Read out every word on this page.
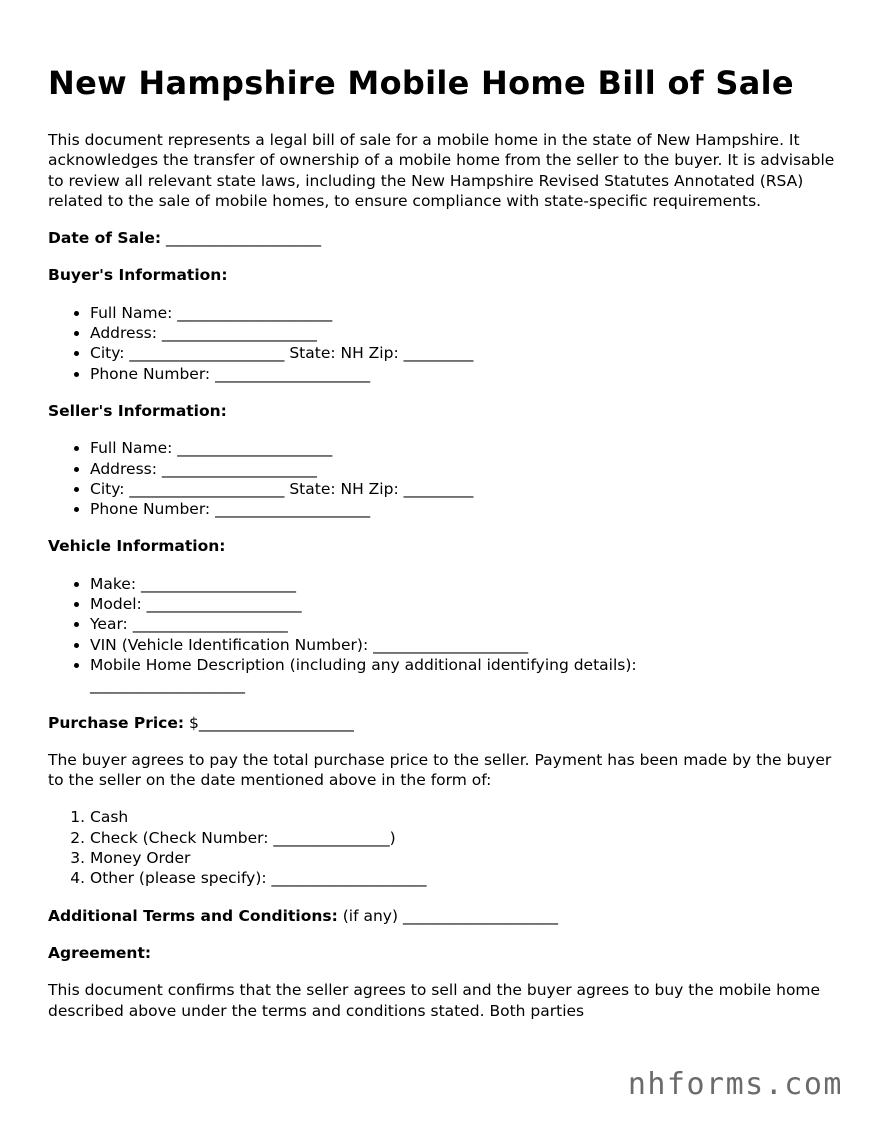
New Hampshire Mobile Home Bill of Sale

This document represents a legal bill of sale for a mobile home in the state of New Hampshire. It acknowledges the transfer of ownership of a mobile home from the seller to the buyer. It is advisable to review all relevant state laws, including the New Hampshire Revised Statutes Annotated (RSA) related to the sale of mobile homes, to ensure compliance with state-specific requirements.

Date of Sale: ____________________

Buyer's Information:

• Full Name: ____________________
• Address: ____________________
• City: ____________________ State: NH Zip: _________
• Phone Number: ____________________

Seller's Information:

• Full Name: ____________________
• Address: ____________________
• City: ____________________ State: NH Zip: _________
• Phone Number: ____________________

Vehicle Information:

• Make: ____________________
• Model: ____________________
• Year: ____________________
• VIN (Vehicle Identification Number): ____________________
• Mobile Home Description (including any additional identifying details):
____________________

Purchase Price: $____________________

The buyer agrees to pay the total purchase price to the seller. Payment has been made by the buyer to the seller on the date mentioned above in the form of:

1. Cash
2. Check (Check Number: _______________)
3. Money Order
4. Other (please specify): ____________________

Additional Terms and Conditions: (if any) ____________________

Agreement:

This document confirms that the seller agrees to sell and the buyer agrees to buy the mobile home described above under the terms and conditions stated. Both parties

nhforms.com
